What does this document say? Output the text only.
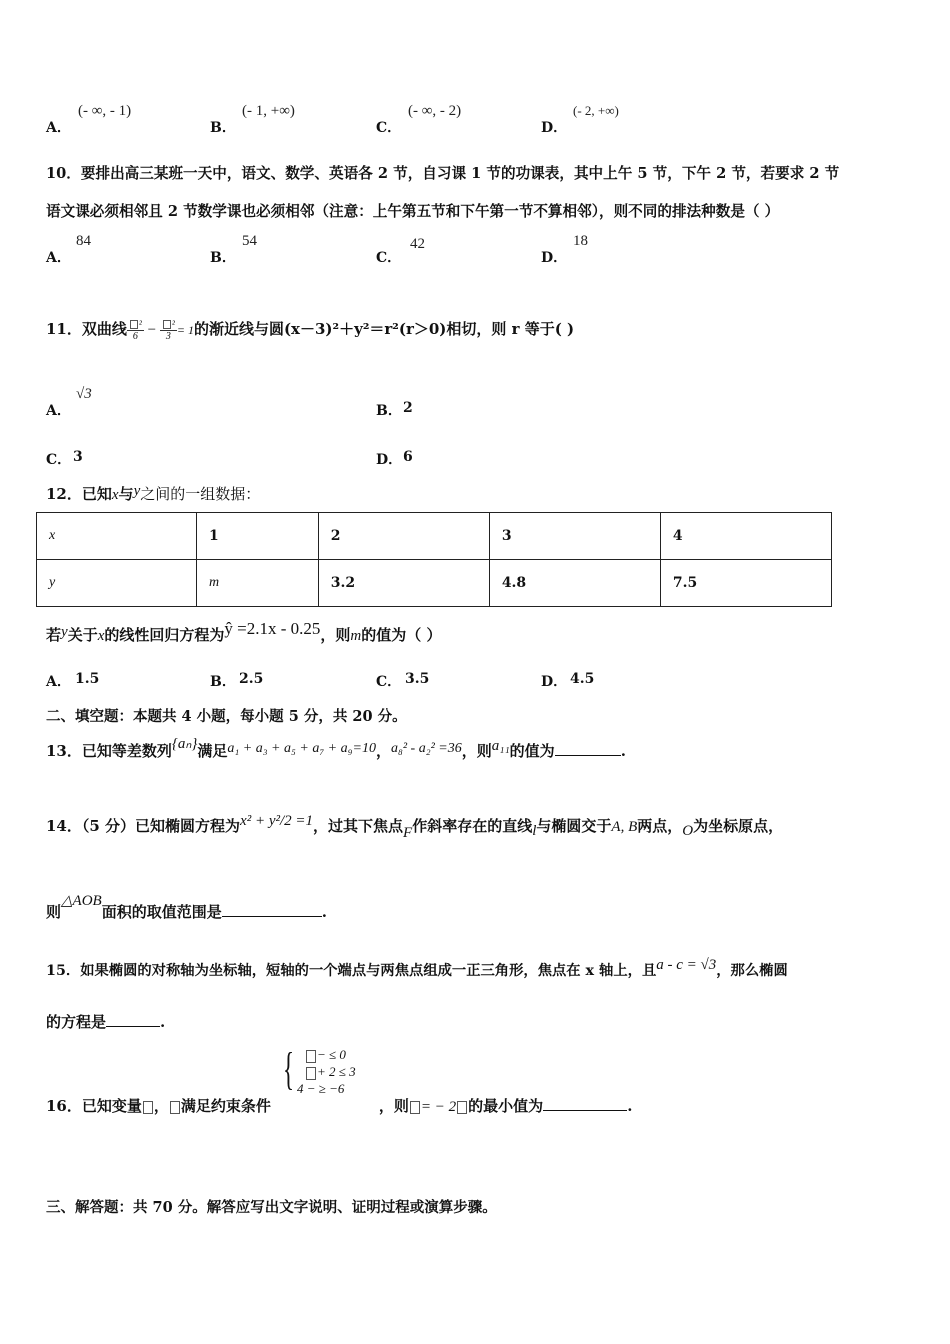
A．
(- ∞, - 1)
B．
(- 1, +∞)
C．
(- ∞, - 2)
D．
(- 2, +∞)
10．要排出高三某班一天中，语文、数学、英语各 2 节，自习课 1 节的功课表，其中上午 5 节，下午 2 节，若要求 2 节
语文课必须相邻且 2 节数学课也必须相邻（注意：上午第五节和下午第一节不算相邻），则不同的排法种数是（ ）
A．
84
B．
54
C．
42
D．
18
11．双曲线 $\frac{\text{²}}{6} - \frac{\text{²}}{3} = 1$的渐近线与圆(x－3)²＋y²＝r²(r＞0)相切，则 r 等于( )
A．
√3
B． 2
C． 3	D． 6
12．已知x与y之间的一组数据：
x	1	2	3	4
y	m	3.2	4.8	7.5
若y关于x的线性回归方程为ŷ =2.1x - 0.25，则m的值为（ ）
A． 1.5	B． 2.5	C． 3.5	D． 4.5
二、填空题：本题共 4 小题，每小题 5 分，共 20 分。
13．已知等差数列{aₙ}满足a₁ + a₃ + a₅ + a₇ + a₉=10，a₈² - a₂² =36，则a₁₁的值为	.
14．（5 分）已知椭圆方程为x² + y²/2 =1，过其下焦点F作斜率存在的直线l与椭圆交于A, B两点，O为坐标原点，
则△AOB面积的取值范围是	.
15．如果椭圆的对称轴为坐标轴，短轴的一个端点与两焦点组成一正三角形，焦点在 x 轴上，且a - c = √3，那么椭圆
的方程是	.
{	− ≤ 0
+ 2 ≤ 3
4 − ≥ −6
16．已知变量 ， 满足约束条件	，则 = − 2 的最小值为	.
三、解答题：共 70 分。解答应写出文字说明、证明过程或演算步骤。
